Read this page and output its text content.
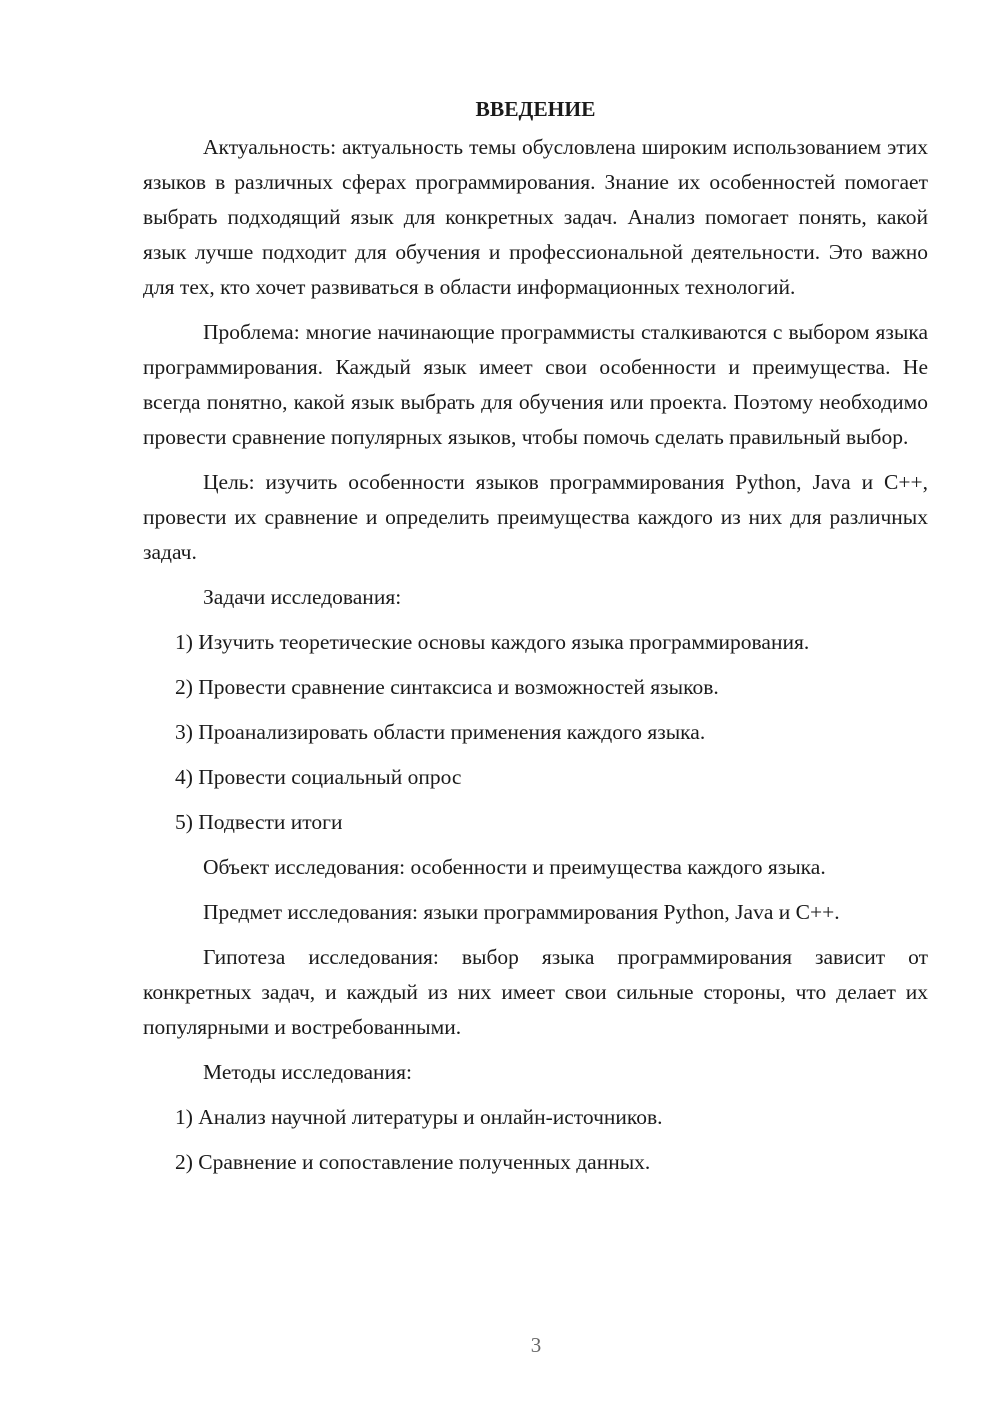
ВВЕДЕНИЕ

Актуальность: актуальность темы обусловлена широким использованием этих языков в различных сферах программирования. Знание их особенностей помогает выбрать подходящий язык для конкретных задач. Анализ помогает понять, какой язык лучше подходит для обучения и профессиональной деятельности. Это важно для тех, кто хочет развиваться в области информационных технологий.

Проблема: многие начинающие программисты сталкиваются с выбором языка программирования. Каждый язык имеет свои особенности и преимущества. Не всегда понятно, какой язык выбрать для обучения или проекта. Поэтому необходимо провести сравнение популярных языков, чтобы помочь сделать правильный выбор.

Цель: изучить особенности языков программирования Python, Java и C++, провести их сравнение и определить преимущества каждого из них для различных задач.

Задачи исследования:

1) Изучить теоретические основы каждого языка программирования.

2) Провести сравнение синтаксиса и возможностей языков.

3) Проанализировать области применения каждого языка.

4) Провести социальный опрос

5) Подвести итоги

Объект исследования: особенности и преимущества каждого языка.

Предмет исследования: языки программирования Python, Java и C++.

Гипотеза исследования: выбор языка программирования зависит от конкретных задач, и каждый из них имеет свои сильные стороны, что делает их популярными и востребованными.

Методы исследования:

1) Анализ научной литературы и онлайн-источников.

2) Сравнение и сопоставление полученных данных.

3
